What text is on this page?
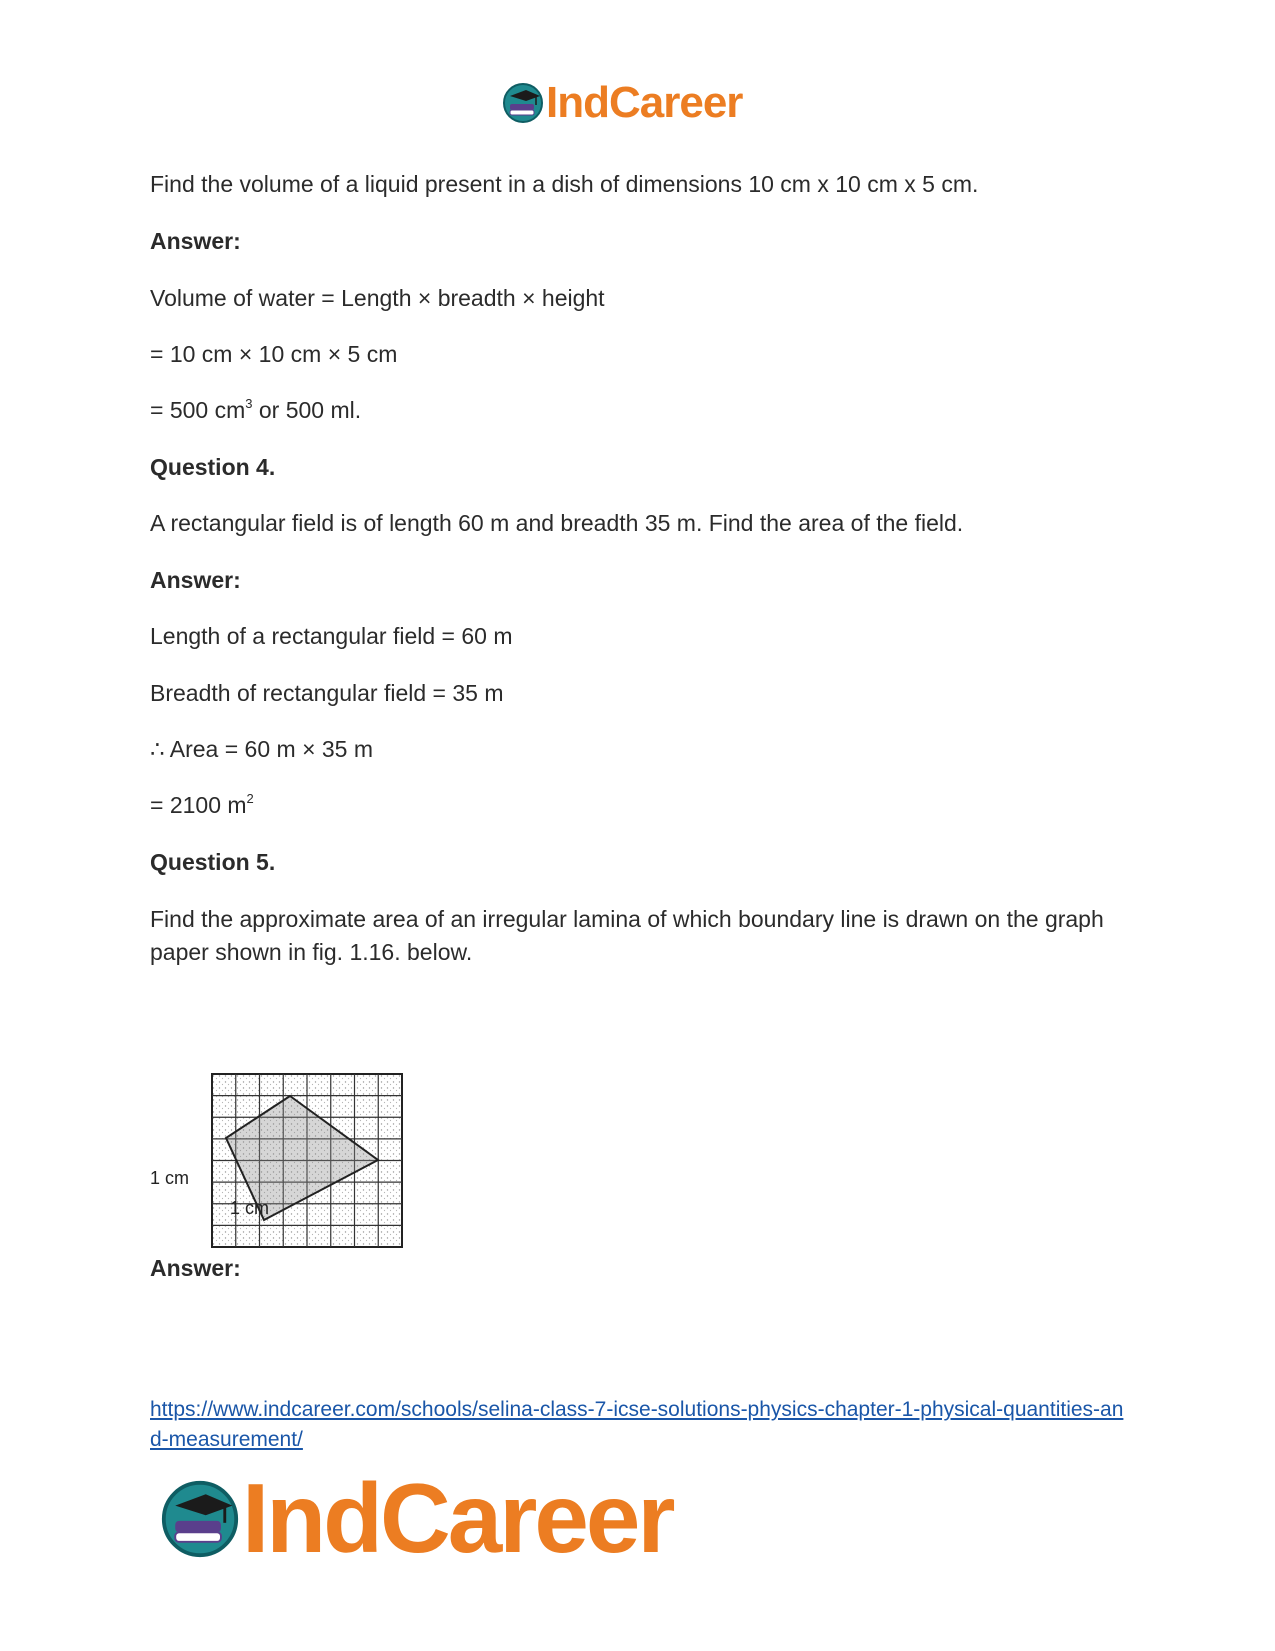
IndCareer

Find the volume of a liquid present in a dish of dimensions 10 cm x 10 cm x 5 cm.

Answer:

Volume of water = Length × breadth × height

= 10 cm × 10 cm × 5 cm

= 500 $cm^3$ or 500 ml.

Question 4.

A rectangular field is of length 60 m and breadth 35 m. Find the area of the field.

Answer:

Length of a rectangular field = 60 m

Breadth of rectangular field = 35 m

∴ Area = 60 m × 35 m

= 2100 $m^2$

Question 5.

Find the approximate area of an irregular lamina of which boundary line is drawn on the graph paper shown in fig. 1.16. below.

1 cm
1 cm

Answer:

https://www.indcareer.com/schools/selina-class-7-icse-solutions-physics-chapter-1-physical-quantities-and-measurement/
IndCareer
